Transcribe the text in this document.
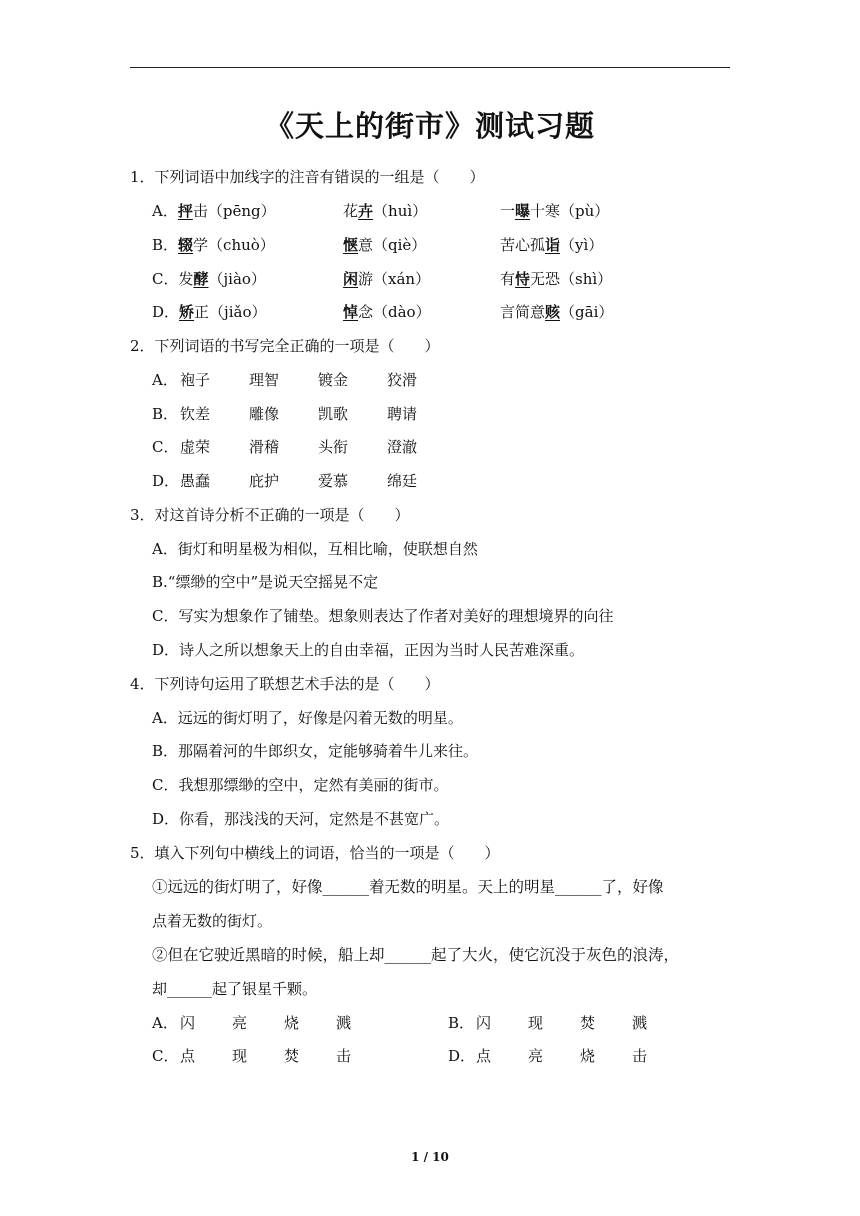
《天上的街市》测试习题
1．下列词语中加线字的注音有错误的一组是（　　）
A．抨击（pēng）	花卉（huì）	一曝十寒（pù）
B．辍学（chuò）	惬意（qiè）	苦心孤诣（yì）
C．发酵（jiào）	闲游（xán）	有恃无恐（shì）
D．矫正（jiǎo）	悼念（dào）	言简意赅（gāi）
2．下列词语的书写完全正确的一项是（　　）
A． 袍子	理智	镀金	狡滑
B． 钦差	雕像	凯歌	聘请
C． 虚荣	滑稽	头衔	澄澈
D．愚蠢	庇护	爱慕	绵廷
3．对这首诗分析不正确的一项是（　　）
A．街灯和明星极为相似，互相比喻，使联想自然
B.“缥缈的空中”是说天空摇晃不定
C．写实为想象作了铺垫。想象则表达了作者对美好的理想境界的向往
D．诗人之所以想象天上的自由幸福，正因为当时人民苦难深重。
4．下列诗句运用了联想艺术手法的是（　　）
A．远远的街灯明了，好像是闪着无数的明星。
B．那隔着河的牛郎织女，定能够骑着牛儿来往。
C．我想那缥缈的空中，定然有美丽的街市。
D．你看，那浅浅的天河，定然是不甚宽广。
5．填入下列句中横线上的词语，恰当的一项是（　　）
①远远的街灯明了，好像______着无数的明星。天上的明星______了，好像
点着无数的街灯。
②但在它驶近黑暗的时候，船上却______起了大火，使它沉没于灰色的浪涛，
却______起了银星千颗。
A． 闪 亮 烧 溅	B． 闪 现 焚 溅
C． 点 现 焚 击	D．点 亮 烧 击
1 / 10
